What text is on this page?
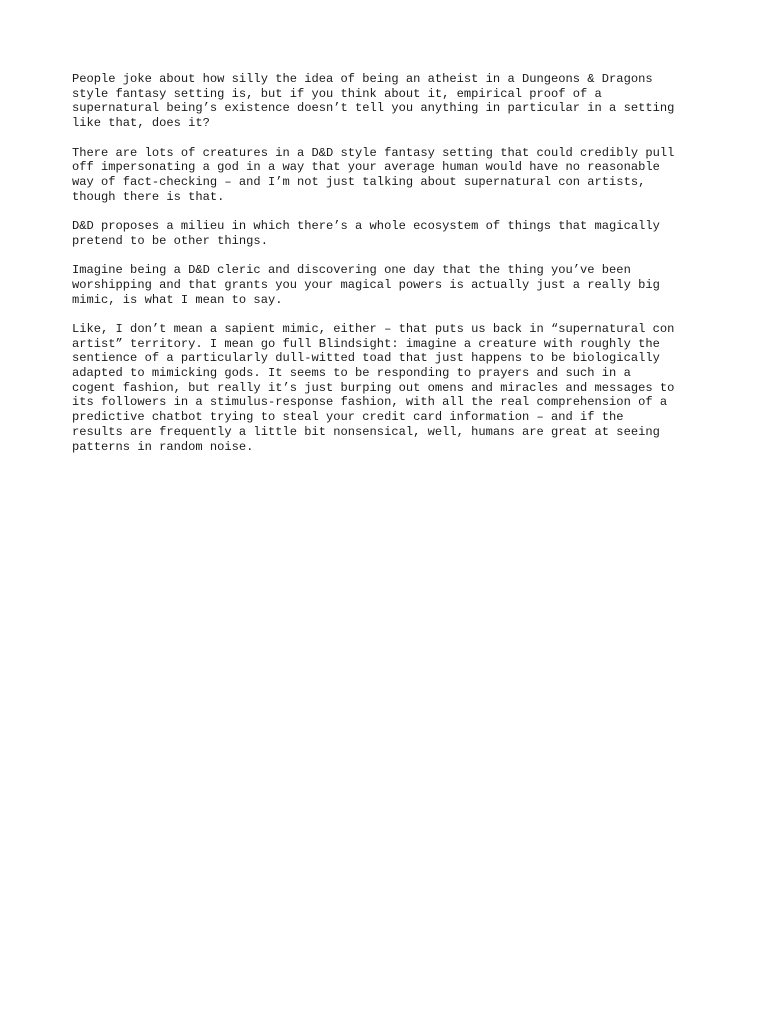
People joke about how silly the idea of being an atheist in a Dungeons & Dragons
style fantasy setting is, but if you think about it, empirical proof of a
supernatural being’s existence doesn’t tell you anything in particular in a setting
like that, does it?

There are lots of creatures in a D&D style fantasy setting that could credibly pull
off impersonating a god in a way that your average human would have no reasonable
way of fact-checking – and I’m not just talking about supernatural con artists,
though there is that.

D&D proposes a milieu in which there’s a whole ecosystem of things that magically
pretend to be other things.

Imagine being a D&D cleric and discovering one day that the thing you’ve been
worshipping and that grants you your magical powers is actually just a really big
mimic, is what I mean to say.

Like, I don’t mean a sapient mimic, either – that puts us back in “supernatural con
artist” territory. I mean go full Blindsight: imagine a creature with roughly the
sentience of a particularly dull-witted toad that just happens to be biologically
adapted to mimicking gods. It seems to be responding to prayers and such in a
cogent fashion, but really it’s just burping out omens and miracles and messages to
its followers in a stimulus-response fashion, with all the real comprehension of a
predictive chatbot trying to steal your credit card information – and if the
results are frequently a little bit nonsensical, well, humans are great at seeing
patterns in random noise.
